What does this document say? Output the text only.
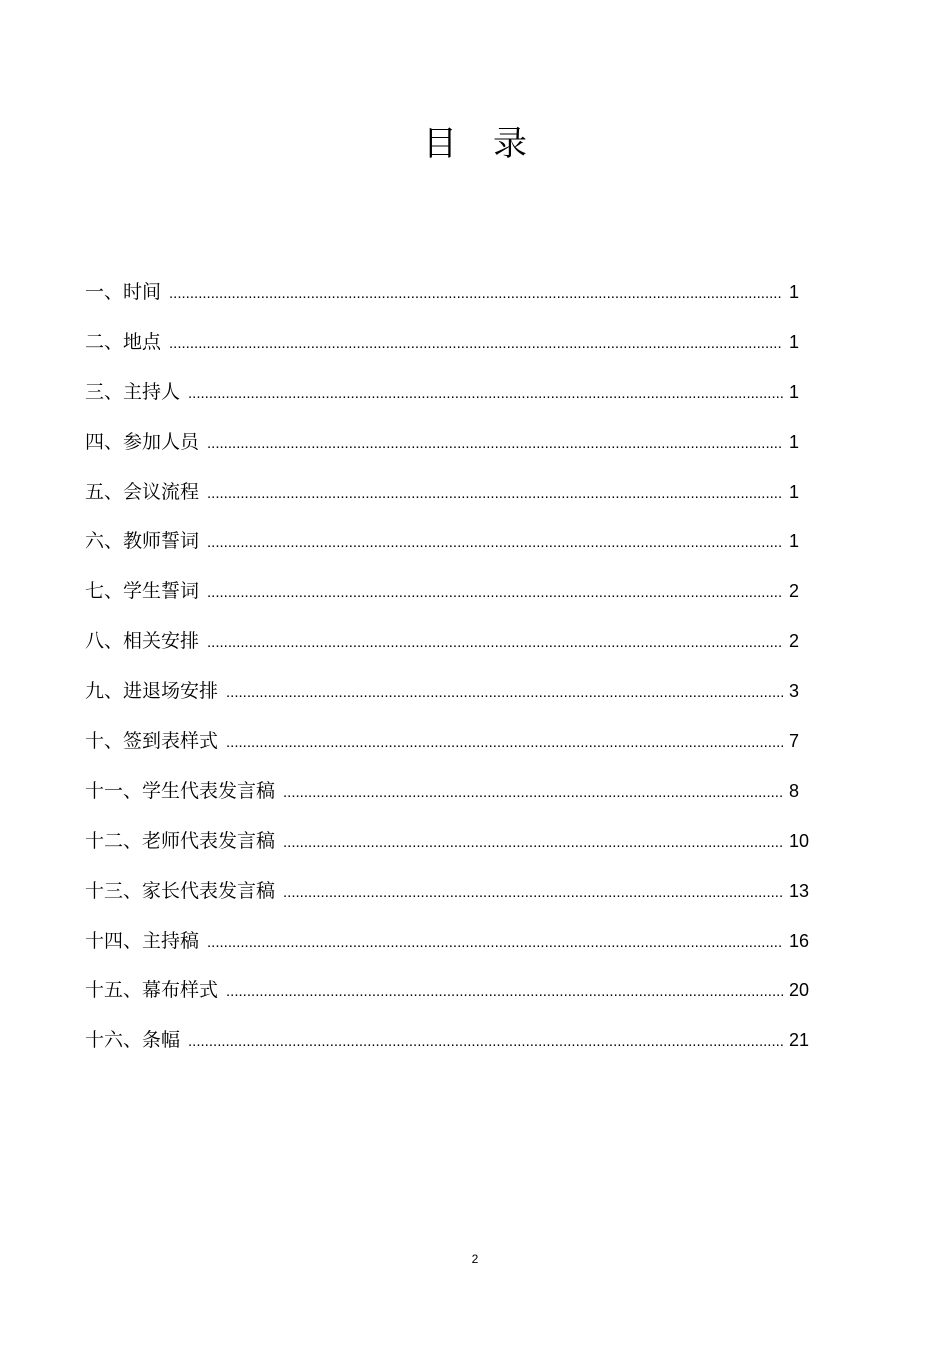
目录
一、时间 .....	1
二、地点 .....	1
三、主持人 .....	1
四、参加人员 .....	1
五、会议流程 .....	1
六、教师誓词 .....	1
七、学生誓词 .....	2
八、相关安排 .....	2
九、进退场安排 .....	3
十、签到表样式 .....	7
十一、学生代表发言稿 .....	8
十二、老师代表发言稿 .....	10
十三、家长代表发言稿 .....	13
十四、主持稿 .....	16
十五、幕布样式 .....	20
十六、条幅 .....	21
2
